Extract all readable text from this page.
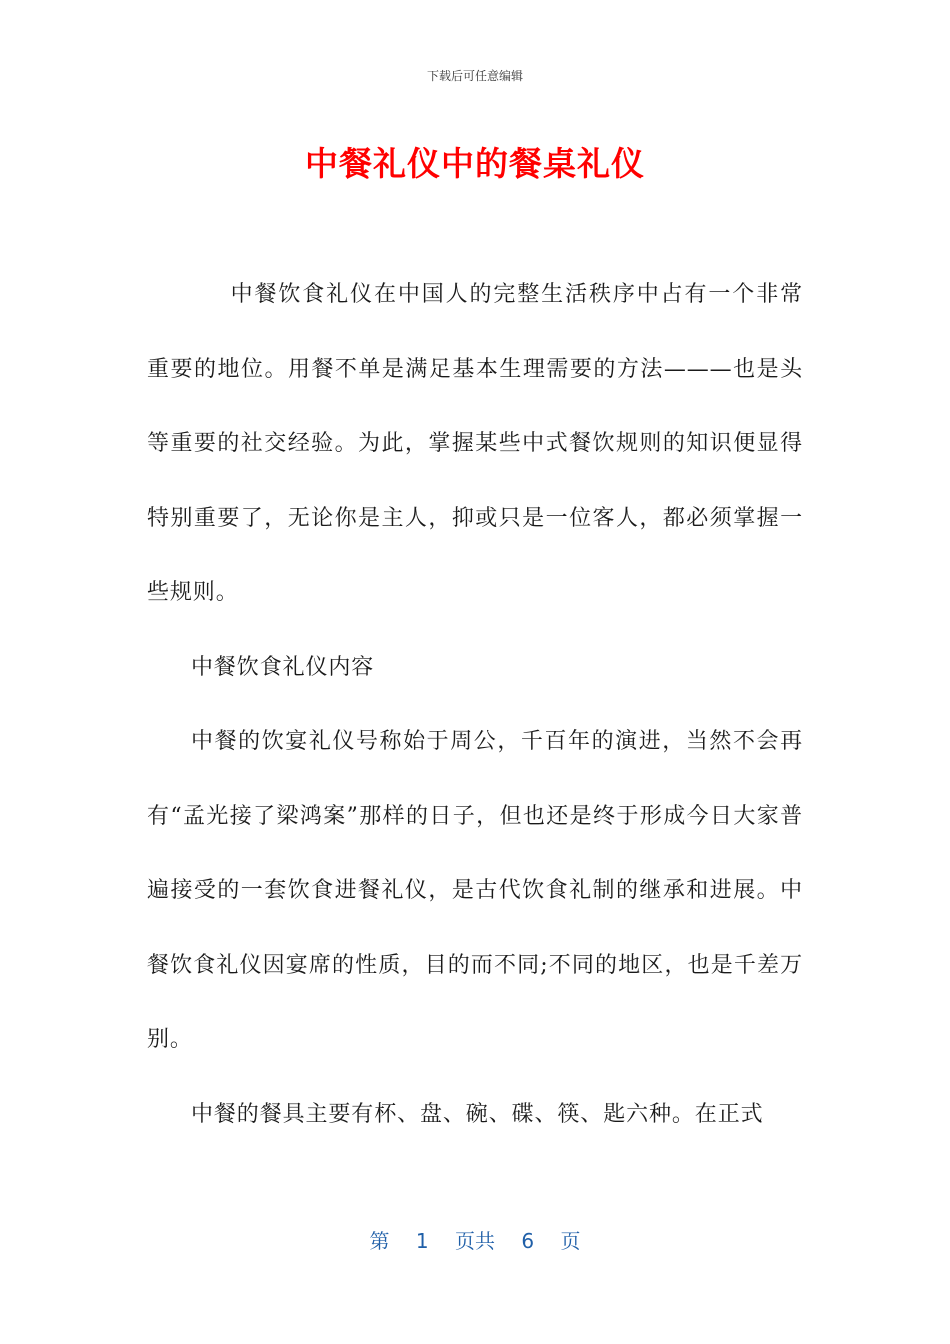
下载后可任意编辑
中餐礼仪中的餐桌礼仪

中餐饮食礼仪在中国人的完整生活秩序中占有一个非常重要的地位。用餐不单是满足基本生理需要的方法———也是头等重要的社交经验。为此，掌握某些中式餐饮规则的知识便显得特别重要了，无论你是主人，抑或只是一位客人，都必须掌握一些规则。

中餐饮食礼仪内容

中餐的饮宴礼仪号称始于周公，千百年的演进，当然不会再有“孟光接了梁鸿案”那样的日子，但也还是终于形成今日大家普遍接受的一套饮食进餐礼仪，是古代饮食礼制的继承和进展。中餐饮食礼仪因宴席的性质，目的而不同;不同的地区，也是千差万别。

中餐的餐具主要有杯、盘、碗、碟、筷、匙六种。在正式

第 1 页共 6 页
